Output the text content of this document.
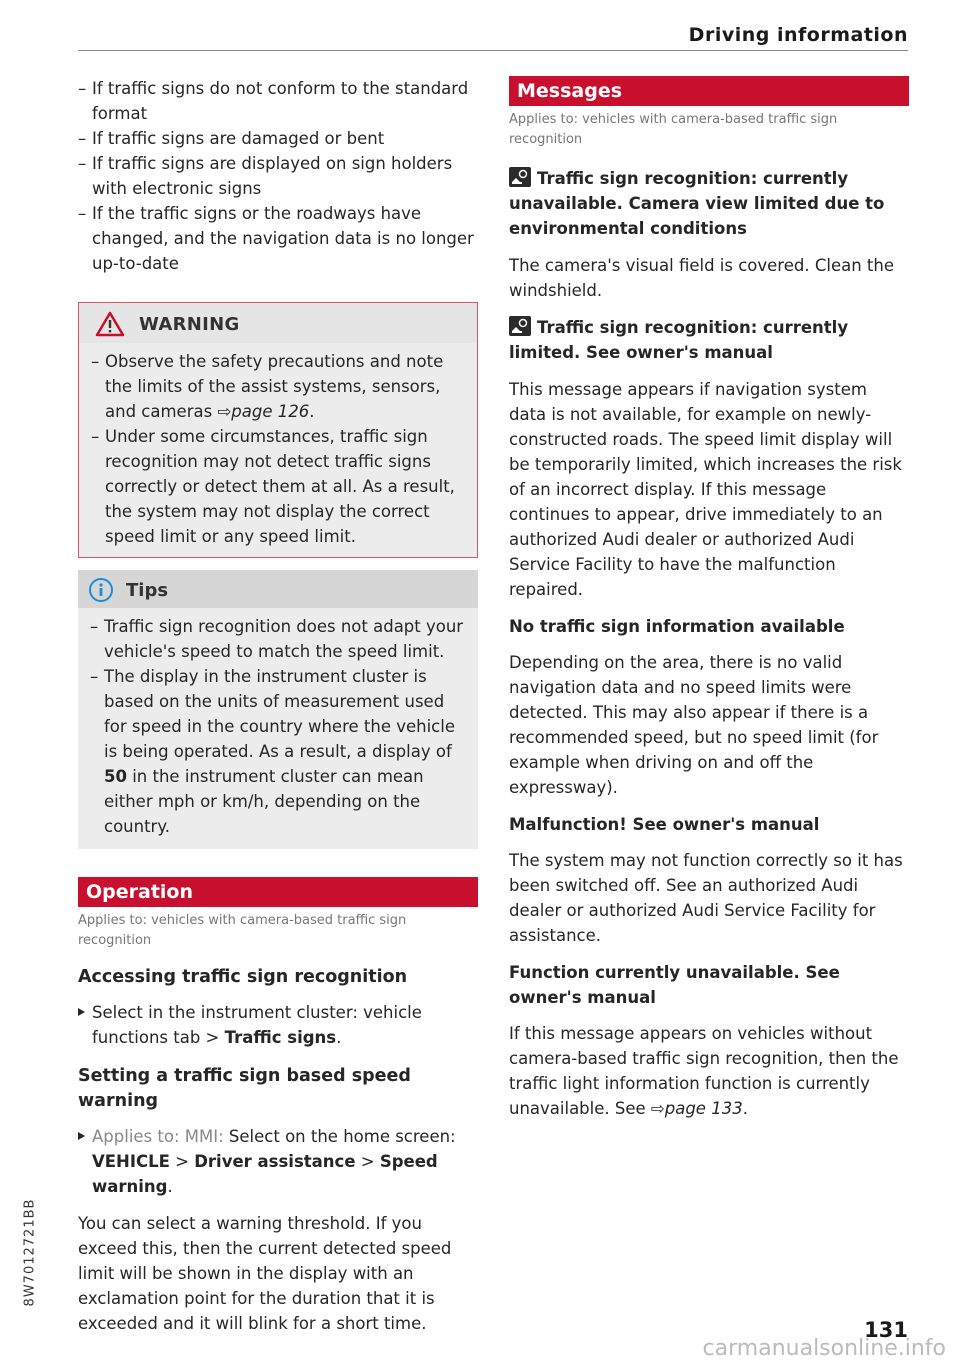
Driving information
– If traffic signs do not conform to the standard format
– If traffic signs are damaged or bent
– If traffic signs are displayed on sign holders with electronic signs
– If the traffic signs or the roadways have changed, and the navigation data is no longer up-to-date
WARNING
– Observe the safety precautions and note the limits of the assist systems, sensors, and cameras ⇨page 126.
– Under some circumstances, traffic sign recognition may not detect traffic signs correctly or detect them at all. As a result, the system may not display the correct speed limit or any speed limit.
Tips
– Traffic sign recognition does not adapt your vehicle's speed to match the speed limit.
– The display in the instrument cluster is based on the units of measurement used for speed in the country where the vehicle is being operated. As a result, a display of 50 in the instrument cluster can mean either mph or km/h, depending on the country.
Operation
Applies to: vehicles with camera-based traffic sign recognition

Accessing traffic sign recognition

Select in the instrument cluster: vehicle functions tab > Traffic signs.

Setting a traffic sign based speed warning

Applies to: MMI: Select on the home screen: VEHICLE > Driver assistance > Speed warning.

You can select a warning threshold. If you exceed this, then the current detected speed limit will be shown in the display with an exclamation point for the duration that it is exceeded and it will blink for a short time.

Messages
Applies to: vehicles with camera-based traffic sign recognition

Traffic sign recognition: currently unavailable. Camera view limited due to environmental conditions

The camera's visual field is covered. Clean the windshield.

Traffic sign recognition: currently limited. See owner's manual

This message appears if navigation system data is not available, for example on newly-constructed roads. The speed limit display will be temporarily limited, which increases the risk of an incorrect display. If this message continues to appear, drive immediately to an authorized Audi dealer or authorized Audi Service Facility to have the malfunction repaired.

No traffic sign information available

Depending on the area, there is no valid navigation data and no speed limits were detected. This may also appear if there is a recommended speed, but no speed limit (for example when driving on and off the expressway).

Malfunction! See owner's manual

The system may not function correctly so it has been switched off. See an authorized Audi dealer or authorized Audi Service Facility for assistance.

Function currently unavailable. See owner's manual

If this message appears on vehicles without camera-based traffic sign recognition, then the traffic light information function is currently unavailable. See ⇨page 133.

8W7012721BB
131
carmanualsonline.info
